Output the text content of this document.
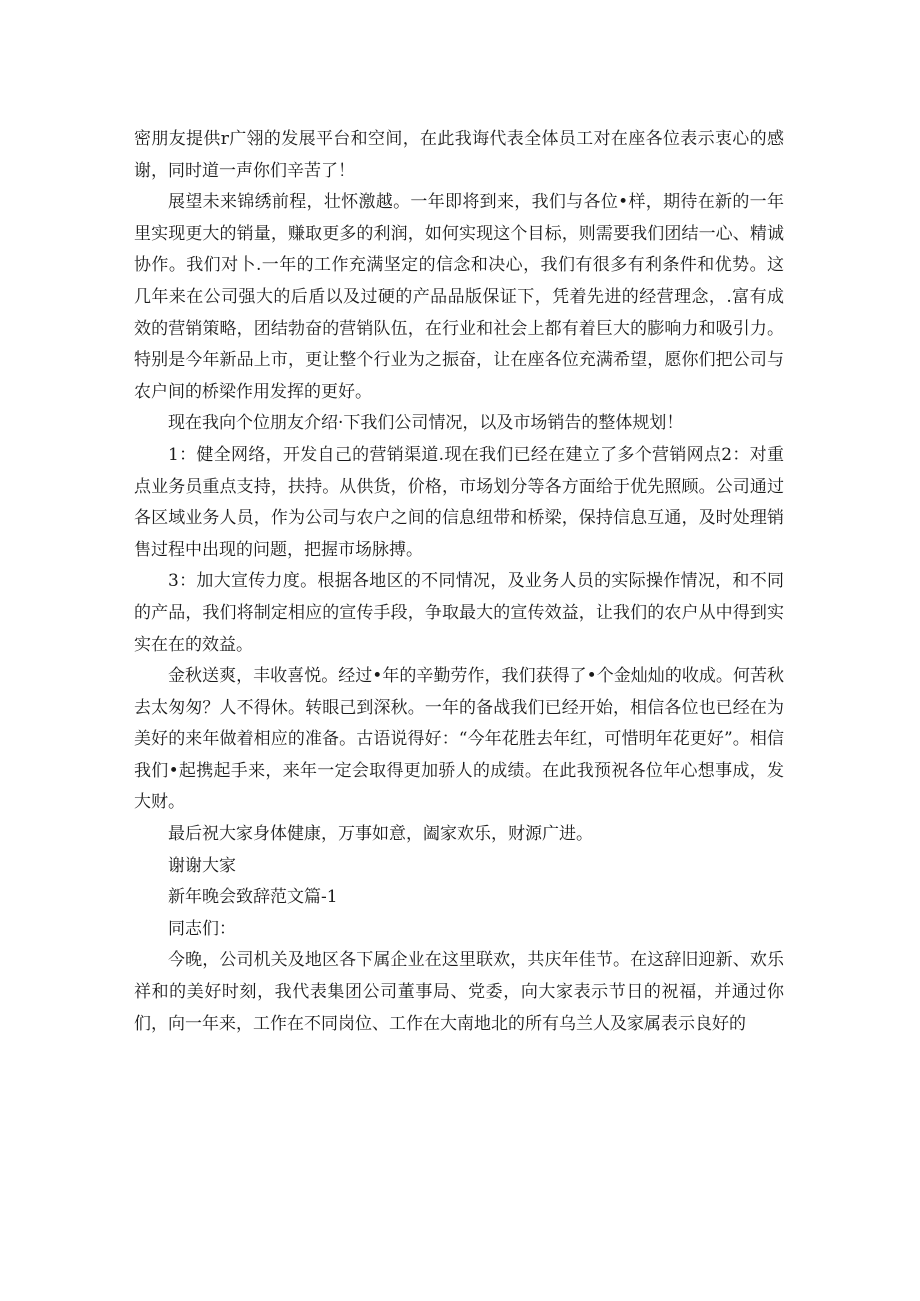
密朋友提供r广翎的发展平台和空间，在此我诲代表全体员工对在座各位表示衷心的感谢，同时道一声你们辛苦了！

展望未来锦绣前程，壮怀激越。一年即将到来，我们与各位•样，期待在新的一年里实现更大的销量，赚取更多的利润，如何实现这个目标，则需要我们团结一心、精诚协作。我们对卜.一年的工作充满坚定的信念和决心，我们有很多有利条件和优势。这几年来在公司强大的后盾以及过硬的产品品版保证下，凭着先进的经营理念，.富有成效的营销策略，团结勃奋的营销队伍，在行业和社会上都有着巨大的膨响力和吸引力。特别是今年新品上市，更让整个行业为之振奋，让在座各位充满希望，愿你们把公司与农户间的桥梁作用发挥的更好。

现在我向个位朋友介绍·下我们公司情况，以及市场销告的整体规划！

1：健全网络，开发自己的营销渠道.现在我们已经在建立了多个营销网点2：对重点业务员重点支持，扶持。从供货，价格，市场划分等各方面给于优先照顾。公司通过各区域业务人员，作为公司与农户之间的信息纽带和桥梁，保持信息互通，及时处理销售过程中出现的问题，把握市场脉搏。

3：加大宣传力度。根据各地区的不同情况，及业务人员的实际操作情况，和不同的产品，我们将制定相应的宣传手段，争取最大的宣传效益，让我们的农户从中得到实实在在的效益。

金秋送爽，丰收喜悦。经过•年的辛勤劳作，我们获得了•个金灿灿的收成。何苦秋去太匆匆？人不得休。转眼己到深秋。一年的备战我们已经开始，相信各位也已经在为美好的来年做着相应的准备。古语说得好：“今年花胜去年红，可惜明年花更好”。相信我们•起携起手来，来年一定会取得更加骄人的成绩。在此我预祝各位年心想事成，发大财。

最后祝大家身体健康，万事如意，阖家欢乐，财源广进。

谢谢大家

新年晚会致辞范文篇-1

同志们：

今晚，公司机关及地区各下属企业在这里联欢，共庆年佳节。在这辞旧迎新、欢乐祥和的美好时刻，我代表集团公司董事局、党委，向大家表示节日的祝福，并通过你们，向一年来，工作在不同岗位、工作在大南地北的所有乌兰人及家属表示良好的
